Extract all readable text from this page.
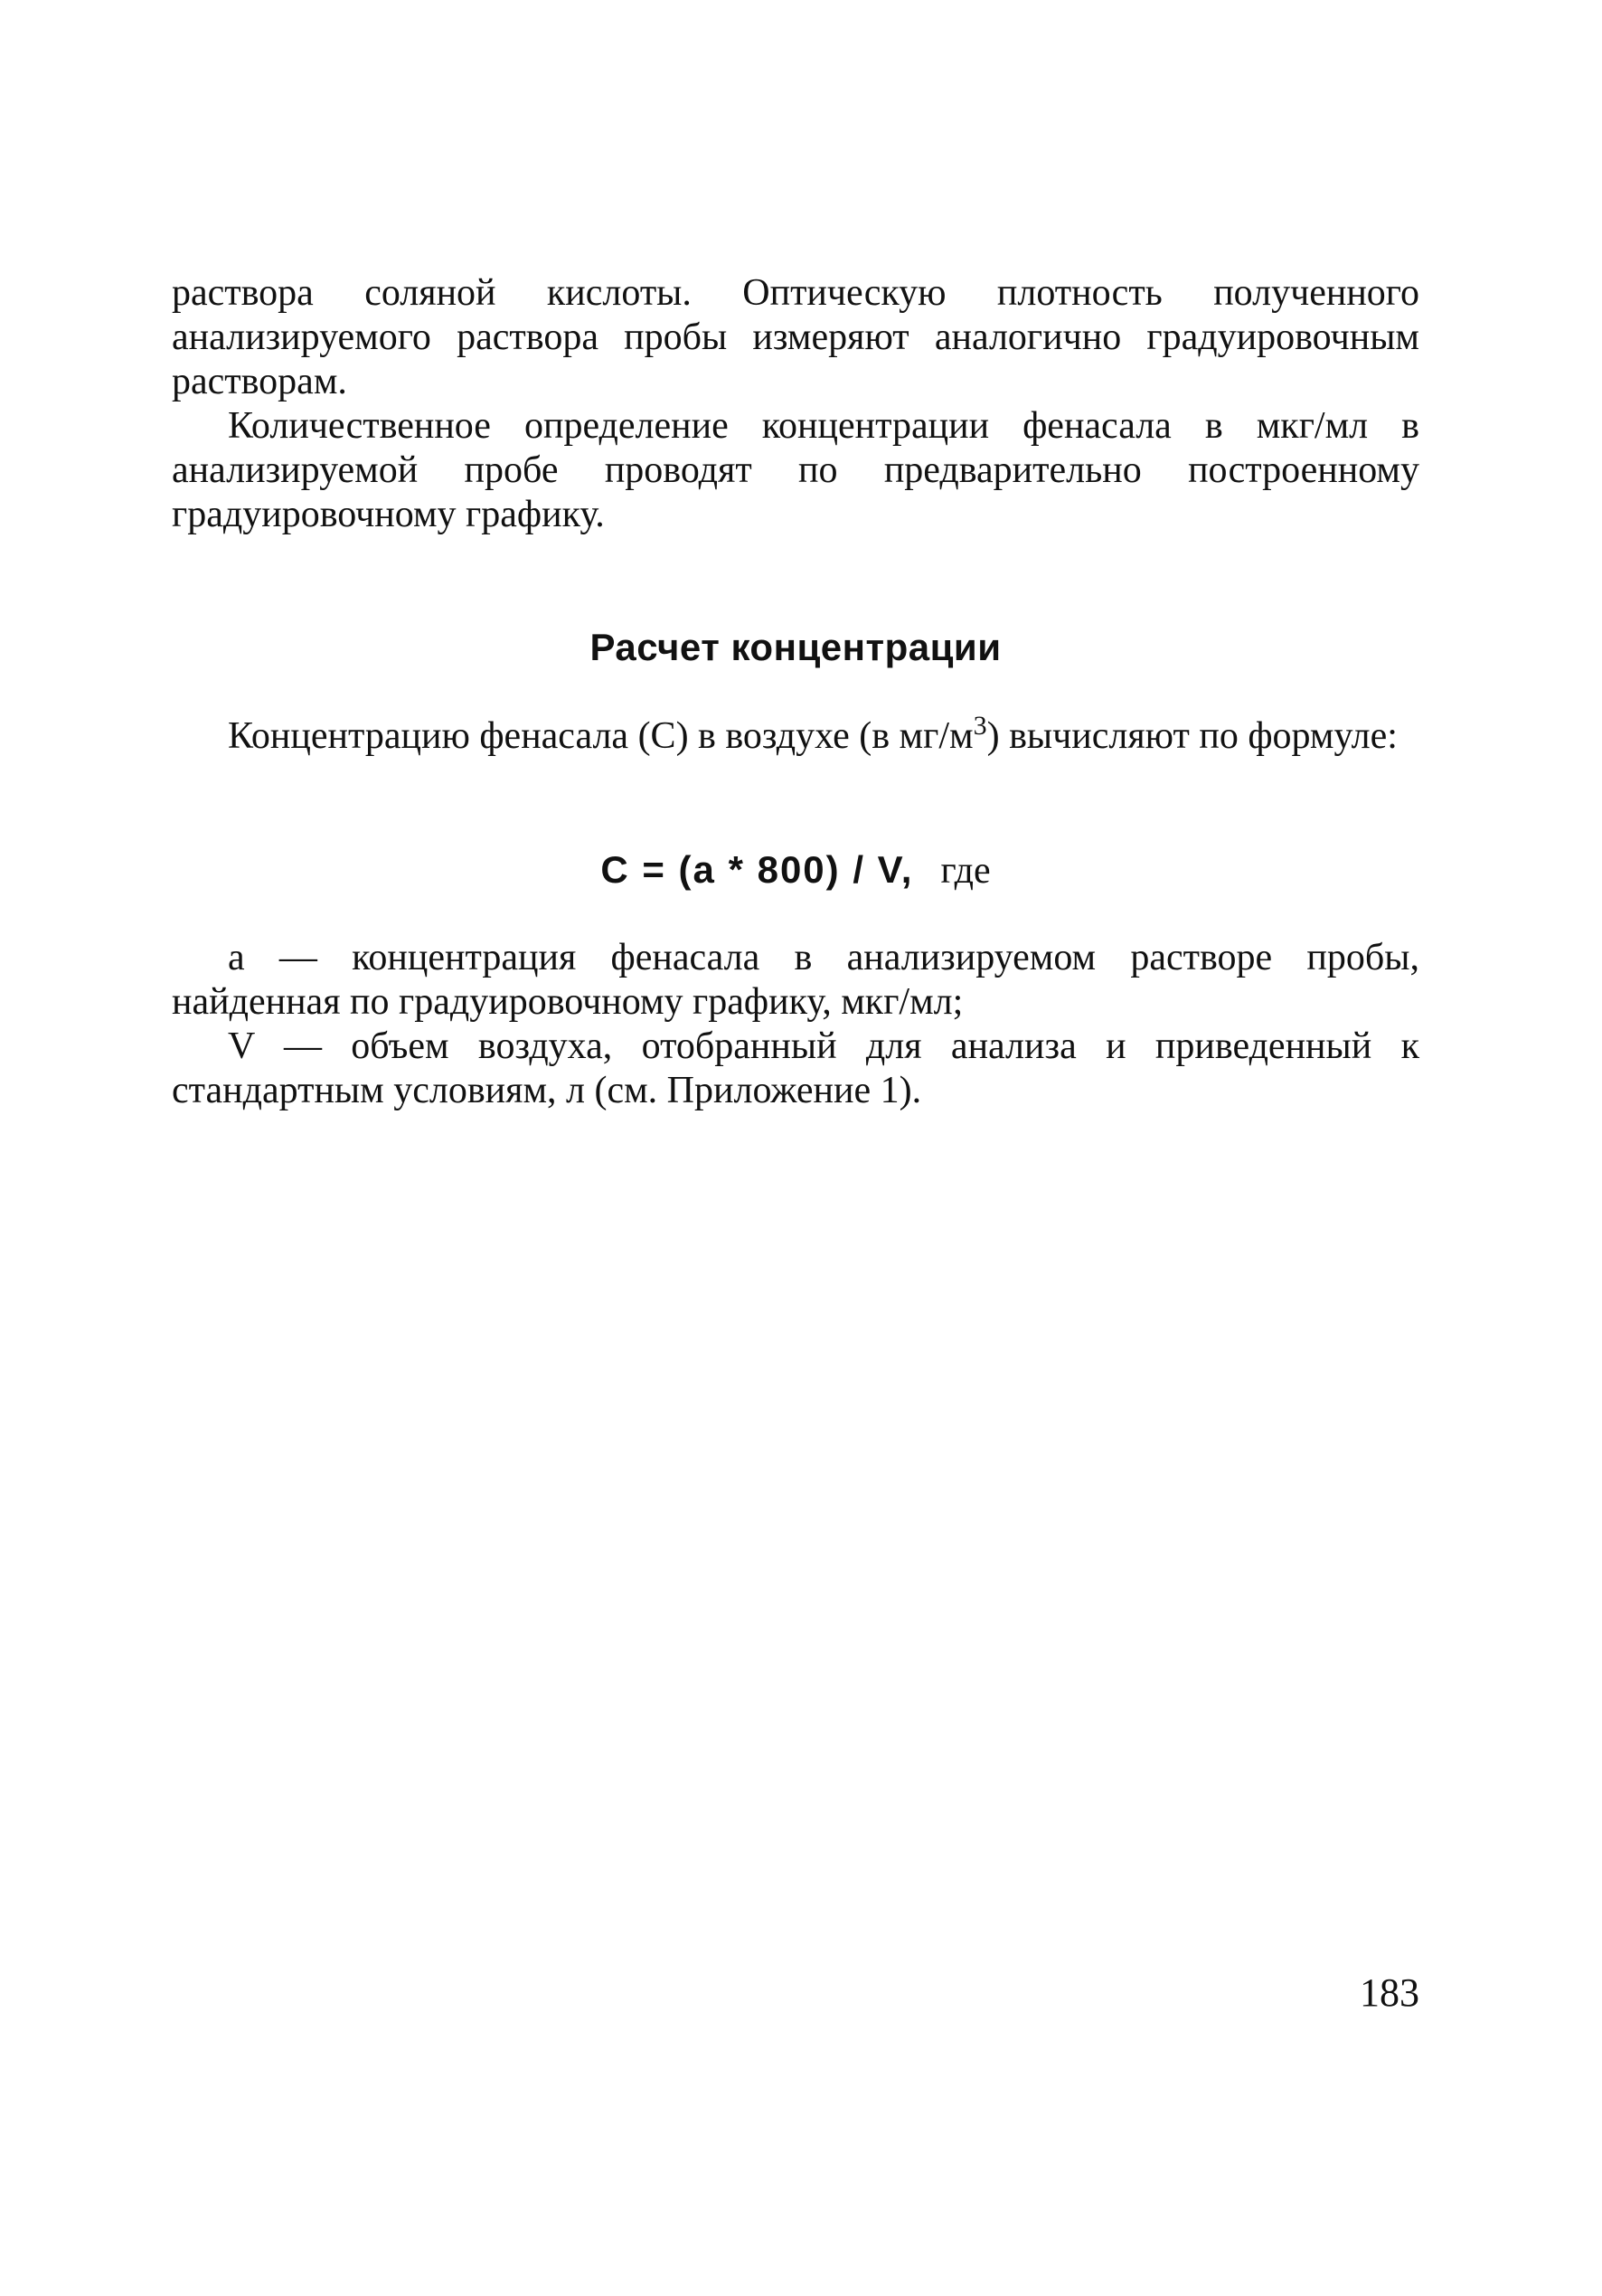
раствора соляной кислоты. Оптическую плотность полученного анализируемого раствора пробы измеряют аналогично градуировочным растворам.

Количественное определение концентрации фенасала в мкг/мл в анализируемой пробе проводят по предварительно построенному градуировочному графику.

Расчет концентрации

Концентрацию фенасала (С) в воздухе (в $мг/м^3$) вычисляют по формуле:

C = (a * 800) / V, где

а — концентрация фенасала в анализируемом растворе пробы, найденная по градуировочному графику, мкг/мл;

V — объем воздуха, отобранный для анализа и приведенный к стандартным условиям, л (см. Приложение 1).

183
